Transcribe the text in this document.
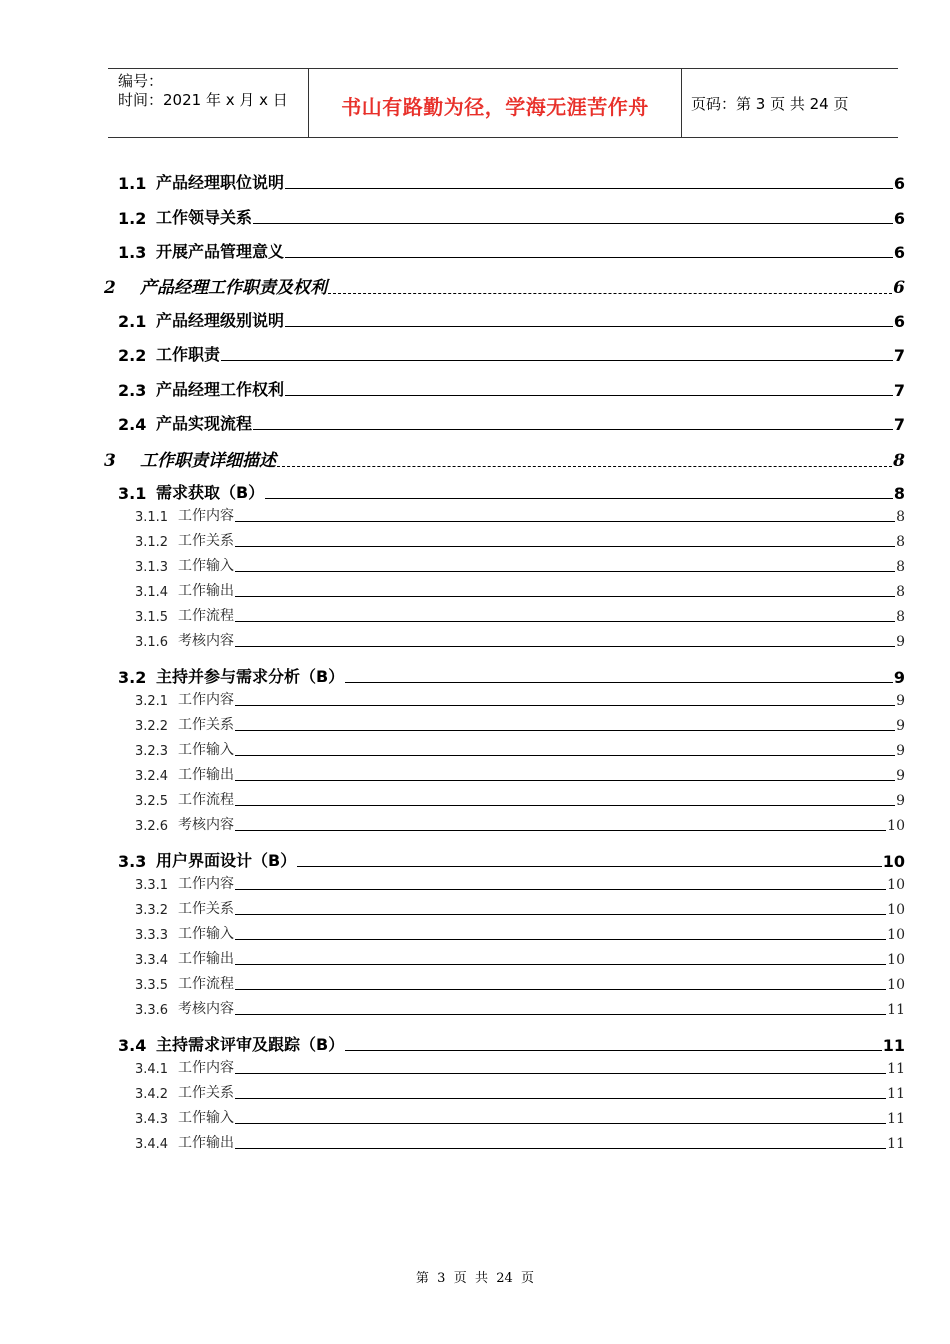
编号：
时间：2021 年 x 月 x 日	书山有路勤为径，学海无涯苦作舟	页码：第 3 页 共 24 页
1.1 产品经理职位说明	6
1.2 工作领导关系	6
1.3 开展产品管理意义	6
2	产品经理工作职责及权利	6
2.1 产品经理级别说明	6
2.2 工作职责	7
2.3 产品经理工作权利	7
2.4 产品实现流程	7
3	工作职责详细描述	8
3.1 需求获取（B）	8
3.1.1 工作内容	8
3.1.2 工作关系	8
3.1.3 工作输入	8
3.1.4 工作输出	8
3.1.5 工作流程	8
3.1.6 考核内容	9
3.2 主持并参与需求分析（B）	9
3.2.1 工作内容	9
3.2.2 工作关系	9
3.2.3 工作输入	9
3.2.4 工作输出	9
3.2.5 工作流程	9
3.2.6 考核内容	10
3.3 用户界面设计（B）	10
3.3.1 工作内容	10
3.3.2 工作关系	10
3.3.3 工作输入	10
3.3.4 工作输出	10
3.3.5 工作流程	10
3.3.6 考核内容	11
3.4 主持需求评审及跟踪（B）	11
3.4.1 工作内容	11
3.4.2 工作关系	11
3.4.3 工作输入	11
3.4.4 工作输出	11
第  3  页  共  24  页
